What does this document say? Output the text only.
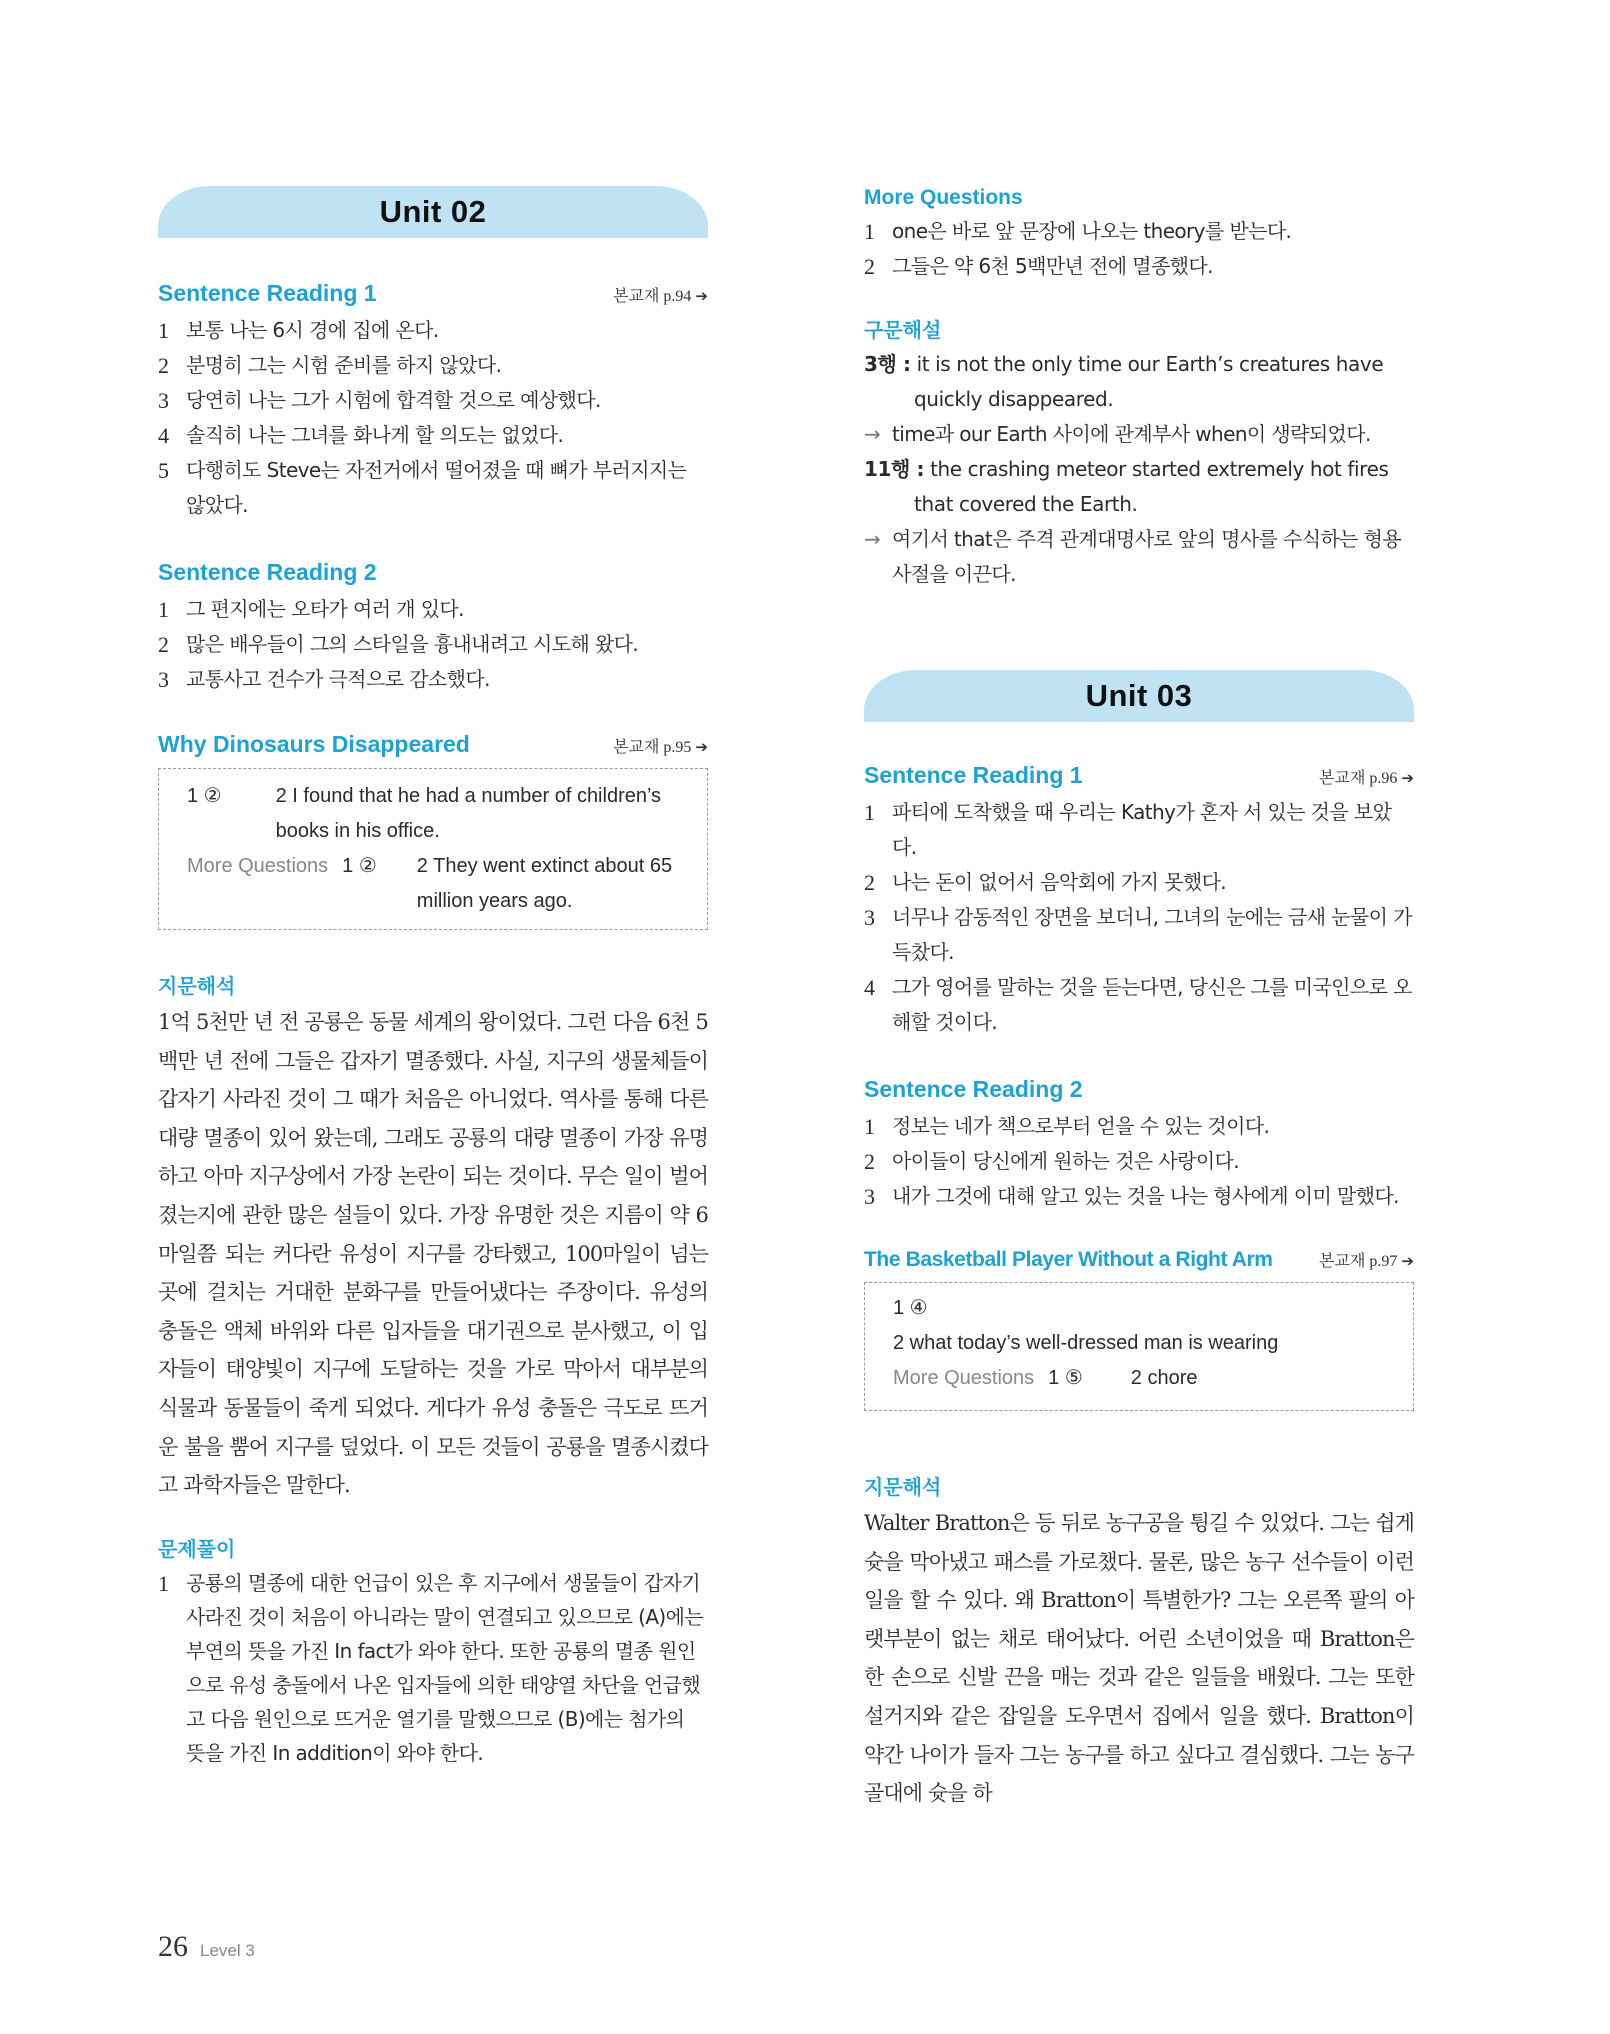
Unit 02
Sentence Reading 1	본교재 p.94 ➔
1 보통 나는 6시 경에 집에 온다.
2 분명히 그는 시험 준비를 하지 않았다.
3 당연히 나는 그가 시험에 합격할 것으로 예상했다.
4 솔직히 나는 그녀를 화나게 할 의도는 없었다.
5 다행히도 Steve는 자전거에서 떨어졌을 때 뼈가 부러지지는 않았다.
Sentence Reading 2
1 그 편지에는 오타가 여러 개 있다.
2 많은 배우들이 그의 스타일을 흉내내려고 시도해 왔다.
3 교통사고 건수가 극적으로 감소했다.
Why Dinosaurs Disappeared	본교재 p.95 ➔
1 ②	2 I found that he had a number of children’s books in his office.
More Questions 1 ② 2 They went extinct about 65 million years ago.
지문해석

1억 5천만 년 전 공룡은 동물 세계의 왕이었다. 그런 다음 6천 5백만 년 전에 그들은 갑자기 멸종했다. 사실, 지구의 생물체들이 갑자기 사라진 것이 그 때가 처음은 아니었다. 역사를 통해 다른 대량 멸종이 있어 왔는데, 그래도 공룡의 대량 멸종이 가장 유명하고 아마 지구상에서 가장 논란이 되는 것이다. 무슨 일이 벌어졌는지에 관한 많은 설들이 있다. 가장 유명한 것은 지름이 약 6마일쯤 되는 커다란 유성이 지구를 강타했고, 100마일이 넘는 곳에 걸치는 거대한 분화구를 만들어냈다는 주장이다. 유성의 충돌은 액체 바위와 다른 입자들을 대기권으로 분사했고, 이 입자들이 태양빛이 지구에 도달하는 것을 가로 막아서 대부분의 식물과 동물들이 죽게 되었다. 게다가 유성 충돌은 극도로 뜨거운 불을 뿜어 지구를 덮었다. 이 모든 것들이 공룡을 멸종시켰다고 과학자들은 말한다.

문제풀이
1 공룡의 멸종에 대한 언급이 있은 후 지구에서 생물들이 갑자기 사라진 것이 처음이 아니라는 말이 연결되고 있으므로 (A)에는 부연의 뜻을 가진 In fact가 와야 한다. 또한 공룡의 멸종 원인으로 유성 충돌에서 나온 입자들에 의한 태양열 차단을 언급했고 다음 원인으로 뜨거운 열기를 말했으므로 (B)에는 첨가의 뜻을 가진 In addition이 와야 한다.
More Questions
1 one은 바로 앞 문장에 나오는 theory를 받는다.
2 그들은 약 6천 5백만년 전에 멸종했다.
구문해설
3행 : it is not the only time our Earth’s creatures have
quickly disappeared.
→ time과 our Earth 사이에 관계부사 when이 생략되었다.
11행 : the crashing meteor started extremely hot fires
that covered the Earth.
→ 여기서 that은 주격 관계대명사로 앞의 명사를 수식하는 형용사절을 이끈다.
Unit 03
Sentence Reading 1	본교재 p.96 ➔
1 파티에 도착했을 때 우리는 Kathy가 혼자 서 있는 것을 보았다.
2 나는 돈이 없어서 음악회에 가지 못했다.
3 너무나 감동적인 장면을 보더니, 그녀의 눈에는 금새 눈물이 가득찼다.
4 그가 영어를 말하는 것을 듣는다면, 당신은 그를 미국인으로 오해할 것이다.
Sentence Reading 2
1 정보는 네가 책으로부터 얻을 수 있는 것이다.
2 아이들이 당신에게 원하는 것은 사랑이다.
3 내가 그것에 대해 알고 있는 것을 나는 형사에게 이미 말했다.
The Basketball Player Without a Right Arm	본교재 p.97 ➔
1 ④
2 what today’s well-dressed man is wearing
More Questions 1 ⑤ 2 chore
지문해석

Walter Bratton은 등 뒤로 농구공을 튕길 수 있었다. 그는 쉽게 슛을 막아냈고 패스를 가로챘다. 물론, 많은 농구 선수들이 이런 일을 할 수 있다. 왜 Bratton이 특별한가? 그는 오른쪽 팔의 아랫부분이 없는 채로 태어났다. 어린 소년이었을 때 Bratton은 한 손으로 신발 끈을 매는 것과 같은 일들을 배웠다. 그는 또한 설거지와 같은 잡일을 도우면서 집에서 일을 했다. Bratton이 약간 나이가 들자 그는 농구를 하고 싶다고 결심했다. 그는 농구 골대에 슛을 하

26 Level 3
